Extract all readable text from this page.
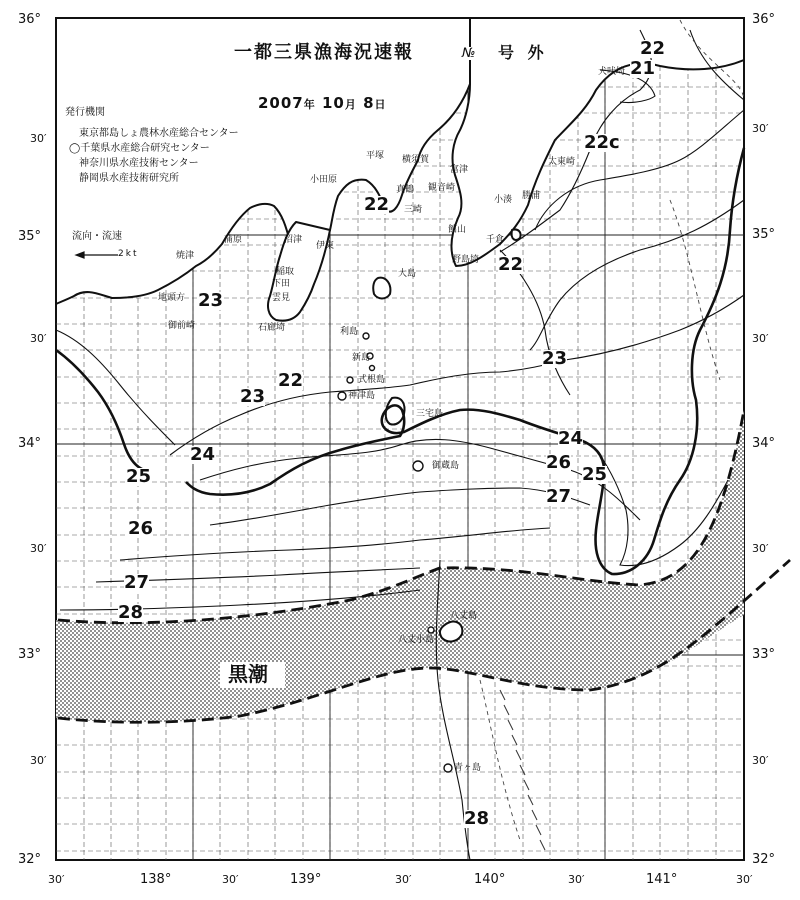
36°
30′
35°
30′
34°
30′
33°
30′
32°
36°
30′
35°
30′
34°
30′
33°
30′
32°
30′	138°	30′	139°	30′	140°	30′	141°	30′
一都三県漁海況速報	№ 号 外
2007年 10月 8日
発行機関
東京都島しょ農林水産総合センター
◯千葉県水産総合研究センター
神奈川県水産技術センター
静岡県水産技術研究所
流向・流速
2kt
黒潮
犬吠埼
太東崎
勝浦
小湊
千倉
野島埼
富津
観音崎
横須賀
三崎
館山
平塚
小田原
真鶴
伊東
稲取
下田
沼津
蒲原
焼津
御前崎
地頭方
石廊埼
雲見
大島
利島
新島
式根島
神津島
三宅島
御蔵島
八丈島
八丈小島
青ヶ島
22
21
22c
22
22
23
23
22
23
24
26
25
24
25
27
26
27
28
28
